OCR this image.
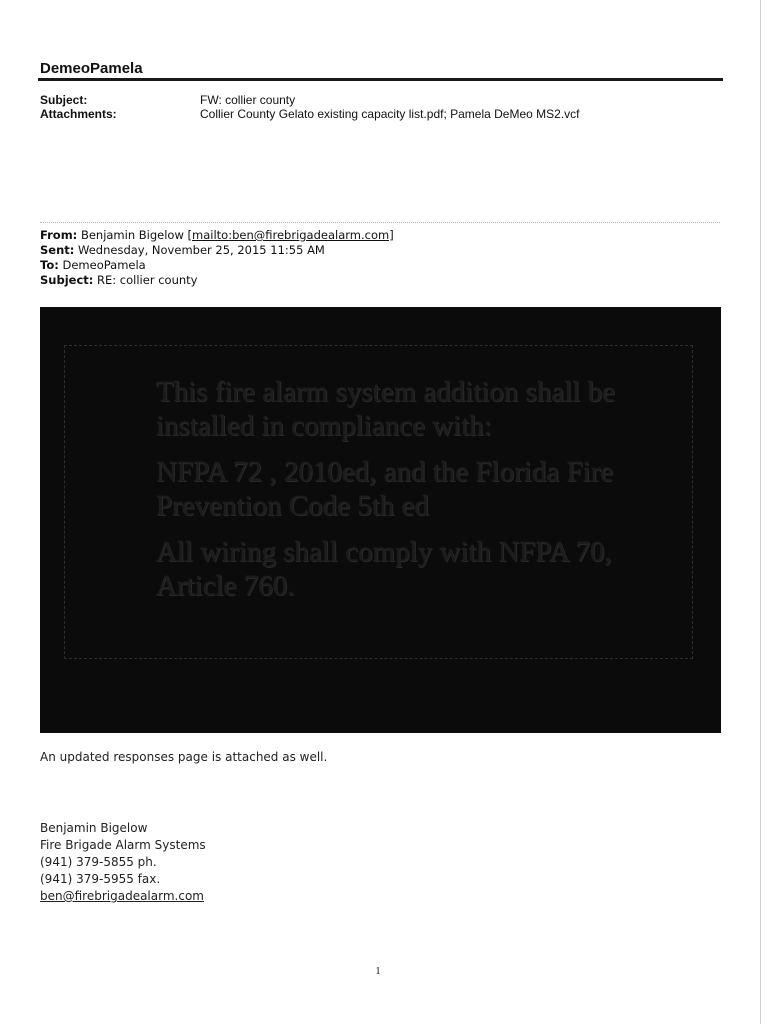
DemeoPamela
Subject:	FW: collier county
Attachments:	Collier County Gelato existing capacity list.pdf; Pamela DeMeo MS2.vcf
From: Benjamin Bigelow [mailto:ben@firebrigadealarm.com]
Sent: Wednesday, November 25, 2015 11:55 AM
To: DemeoPamela
Subject: RE: collier county

This fire alarm system addition shall be installed in compliance with:

NFPA 72 , 2010ed, and the Florida Fire Prevention Code 5th ed

All wiring shall comply with NFPA 70, Article 760.

An updated responses page is attached as well.
Benjamin Bigelow
Fire Brigade Alarm Systems
(941) 379-5855 ph.
(941) 379-5955 fax.
ben@firebrigadealarm.com
1
